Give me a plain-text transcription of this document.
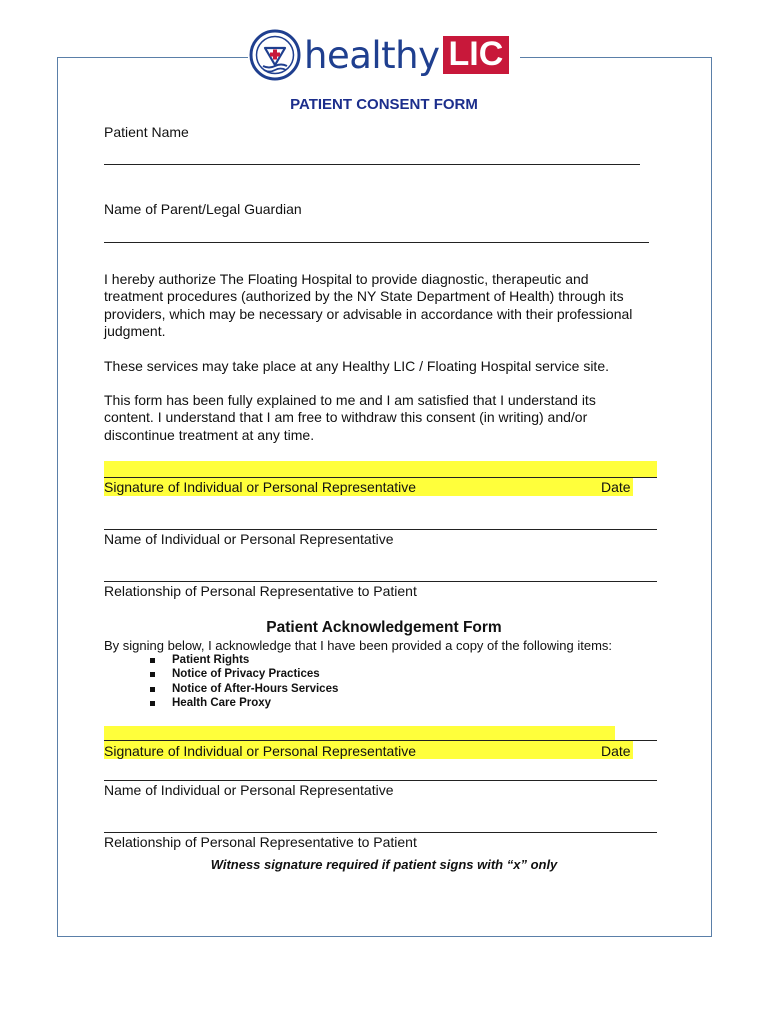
healthy LIC
PATIENT CONSENT FORM
Patient Name
Name of Parent/Legal Guardian
I hereby authorize The Floating Hospital to provide diagnostic, therapeutic and treatment procedures (authorized by the NY State Department of Health) through its providers, which may be necessary or advisable in accordance with their professional judgment.
These services may take place at any Healthy LIC / Floating Hospital service site.
This form has been fully explained to me and I am satisfied that I understand its content. I understand that I am free to withdraw this consent (in writing) and/or discontinue treatment at any time.
Signature of Individual or Personal Representative	Date
Name of Individual or Personal Representative
Relationship of Personal Representative to Patient
Patient Acknowledgement Form
By signing below, I acknowledge that I have been provided a copy of the following items:
Patient Rights
Notice of Privacy Practices
Notice of After-Hours Services
Health Care Proxy
Signature of Individual or Personal Representative	Date
Name of Individual or Personal Representative
Relationship of Personal Representative to Patient
Witness signature required if patient signs with “x” only
